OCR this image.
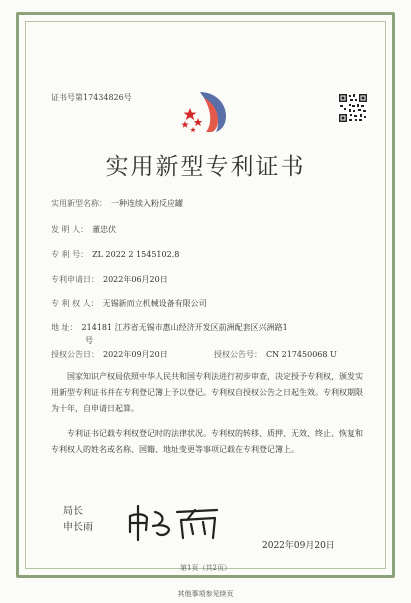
证书号第17434826号
实用新型专利证书
实用新型名称： 一种连续入粉反应罐
发 明 人： 董忠伏
专 利 号： ZL 2022 2 1545102.8
专利申请日： 2022年06月20日
专 利 权 人： 无锡新而立机械设备有限公司
地 址： 214181 江苏省无锡市惠山经济开发区前洲配套区兴洲路1
号
授权公告日： 2022年09月20日	授权公告号： CN 217450068 U
国家知识产权局依照中华人民共和国专利法进行初步审查，决定授予专利权，颁发实用新型专利证书并在专利登记簿上予以登记。专利权自授权公告之日起生效。专利权期限为十年，自申请日起算。
专利证书记载专利权登记时的法律状况。专利权的转移、质押、无效、终止、恢复和专利权人的姓名或名称、国籍、地址变更等事项记载在专利登记簿上。
局长
申长雨
2022年09月20日
第1页（共2页）
其他事项参见续页
